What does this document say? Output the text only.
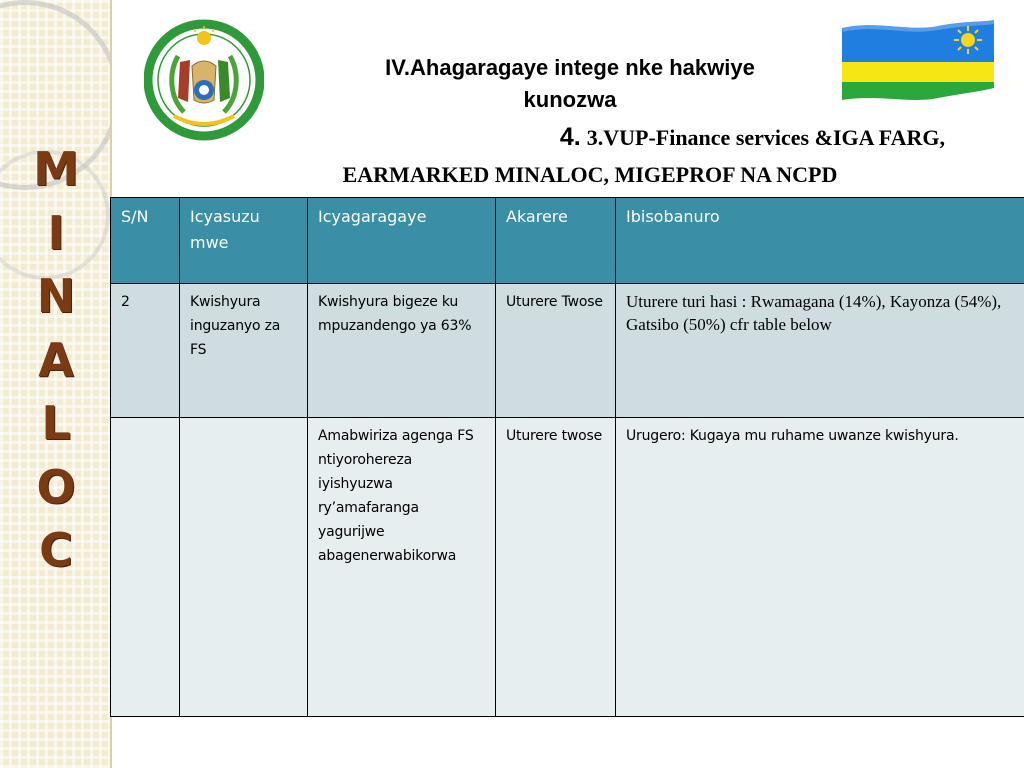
M
I
N
A
L
O
C
IV.Ahagaragaye intege nke hakwiye
kunozwa
4. 3.VUP-Finance services &IGA FARG,
EARMARKED MINALOC, MIGEPROF NA NCPD
S/N	Icyasuzu mwe	Icyagaragaye	Akarere	Ibisobanuro
2	Kwishyura inguzanyo za FS	Kwishyura bigeze ku mpuzandengo ya 63%	Uturere Twose	Uturere turi hasi : Rwamagana (14%), Kayonza (54%), Gatsibo (50%) cfr table below
		Amabwiriza agenga FS ntiyorohereza iyishyuzwa ry’amafaranga yagurijwe abagenerwabikorwa	Uturere twose	Urugero: Kugaya mu ruhame uwanze kwishyura.
